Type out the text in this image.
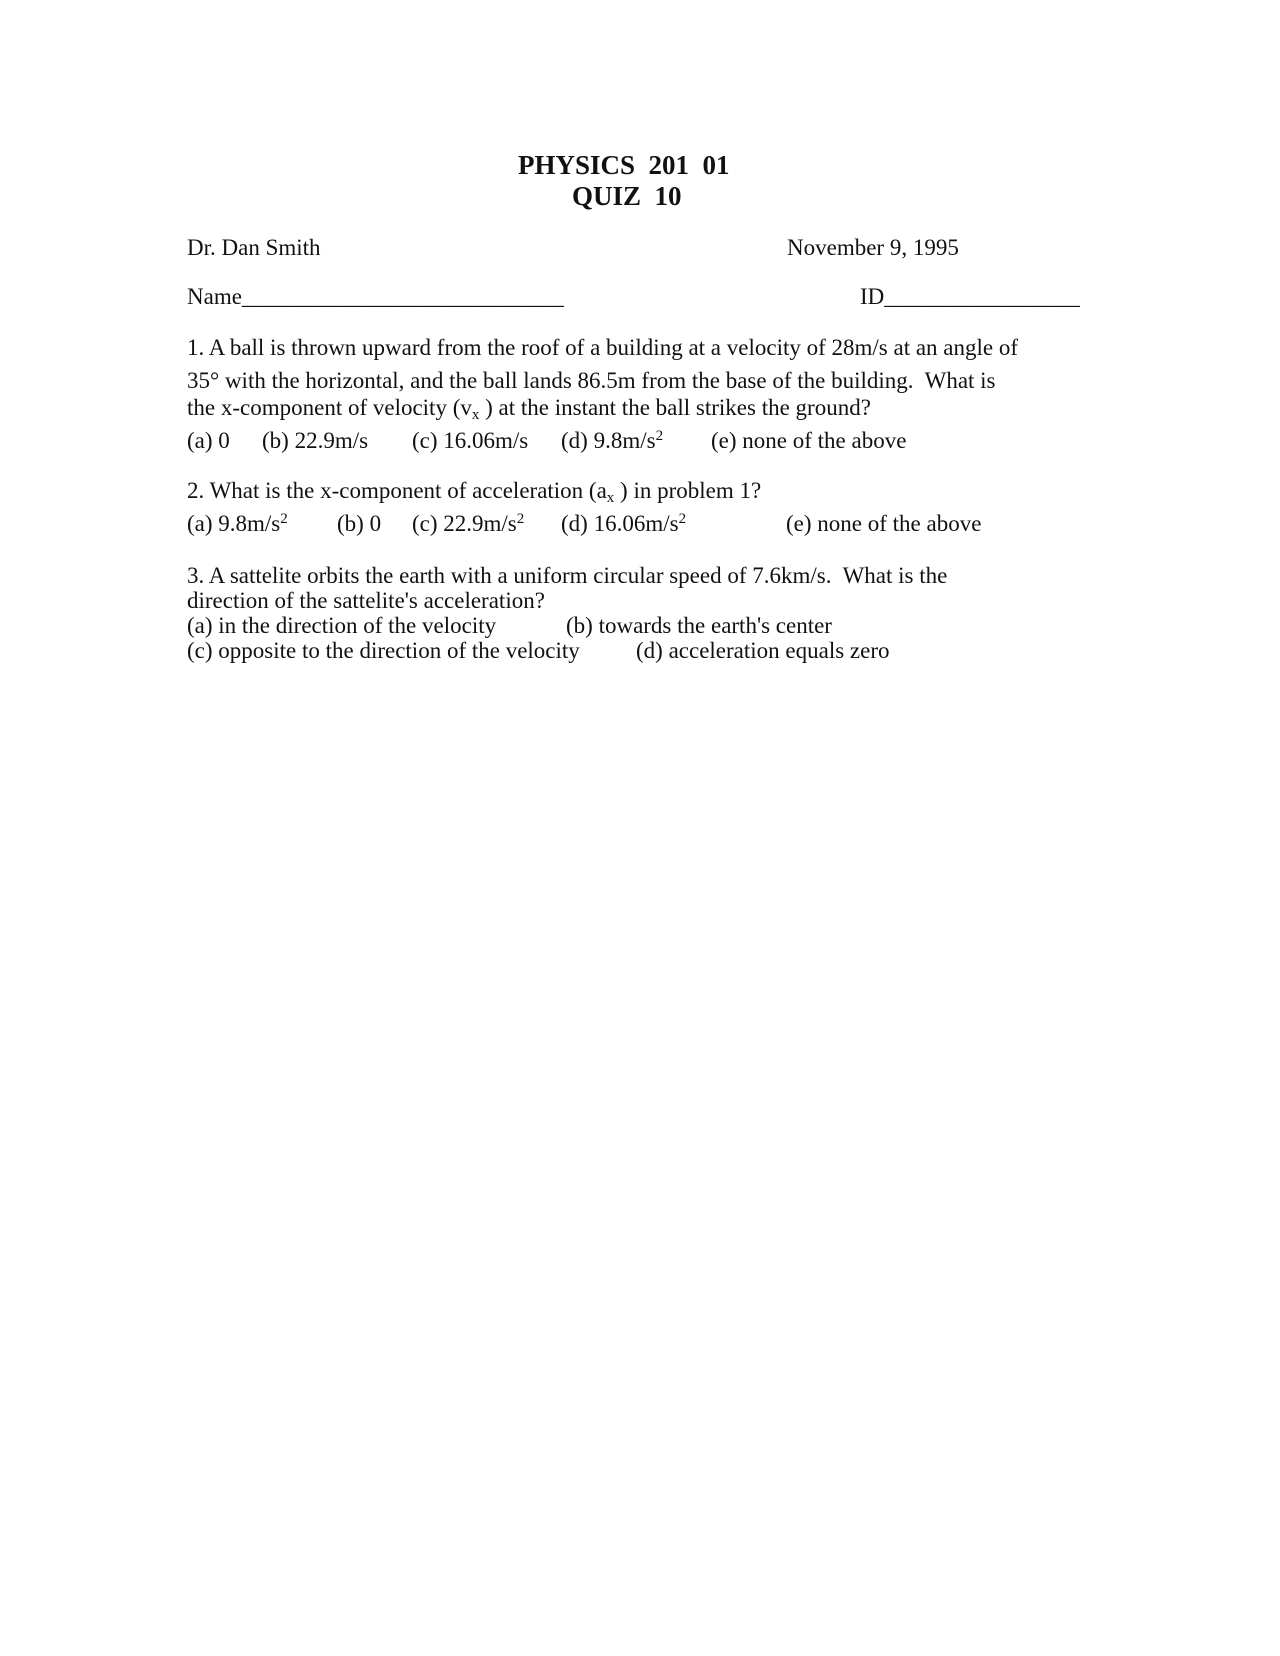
PHYSICS  201  01
QUIZ  10
Dr. Dan Smith	November 9, 1995
Name____________________________	ID_________________
1. A ball is thrown upward from the roof of a building at a velocity of 28m/s at an angle of
35° with the horizontal, and the ball lands 86.5m from the base of the building.  What is
the x-component of velocity ($v_x$ ) at the instant the ball strikes the ground?
(a) 0 (b) 22.9m/s (c) 16.06m/s (d) $9.8m/s^2$ (e) none of the above
2. What is the x-component of acceleration ($a_x$ ) in problem 1?
(a) $9.8m/s^2$ (b) 0 (c) $22.9m/s^2$ (d) $16.06m/s^2$	(e) none of the above
3. A sattelite orbits the earth with a uniform circular speed of 7.6km/s.  What is the
direction of the sattelite's acceleration?
(a) in the direction of the velocity	(b) towards the earth's center
(c) opposite to the direction of the velocity (d) acceleration equals zero
